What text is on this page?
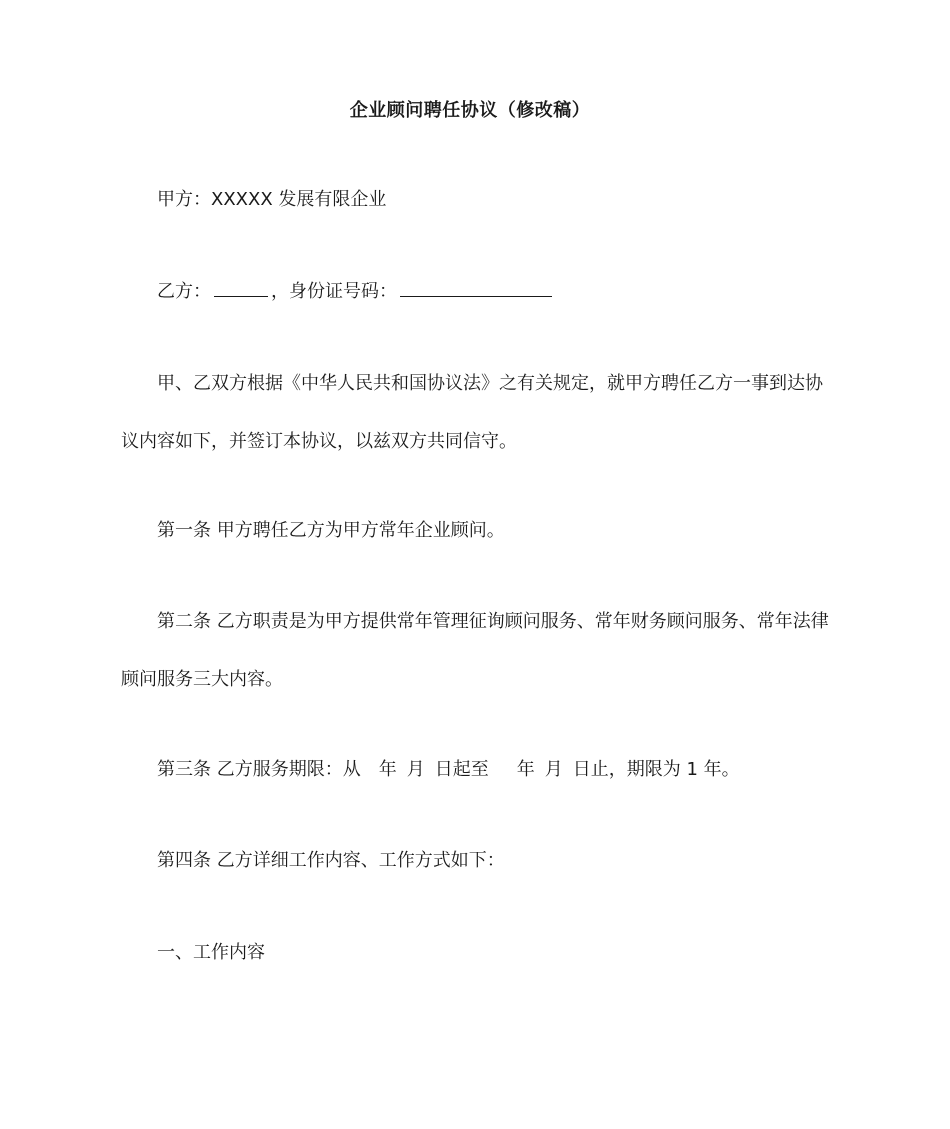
企业顾问聘任协议（修改稿）

甲方：XXXXX 发展有限企业

乙方：	，身份证号码：

甲、乙双方根据《中华人民共和国协议法》之有关规定，就甲方聘任乙方一事到达协议内容如下，并签订本协议，以兹双方共同信守。

第一条 甲方聘任乙方为甲方常年企业顾问。

第二条 乙方职责是为甲方提供常年管理征询顾问服务、常年财务顾问服务、常年法律顾问服务三大内容。

第三条 乙方服务期限：从 年 月 日起至 年 月 日止，期限为 1 年。

第四条 乙方详细工作内容、工作方式如下：

一、工作内容
